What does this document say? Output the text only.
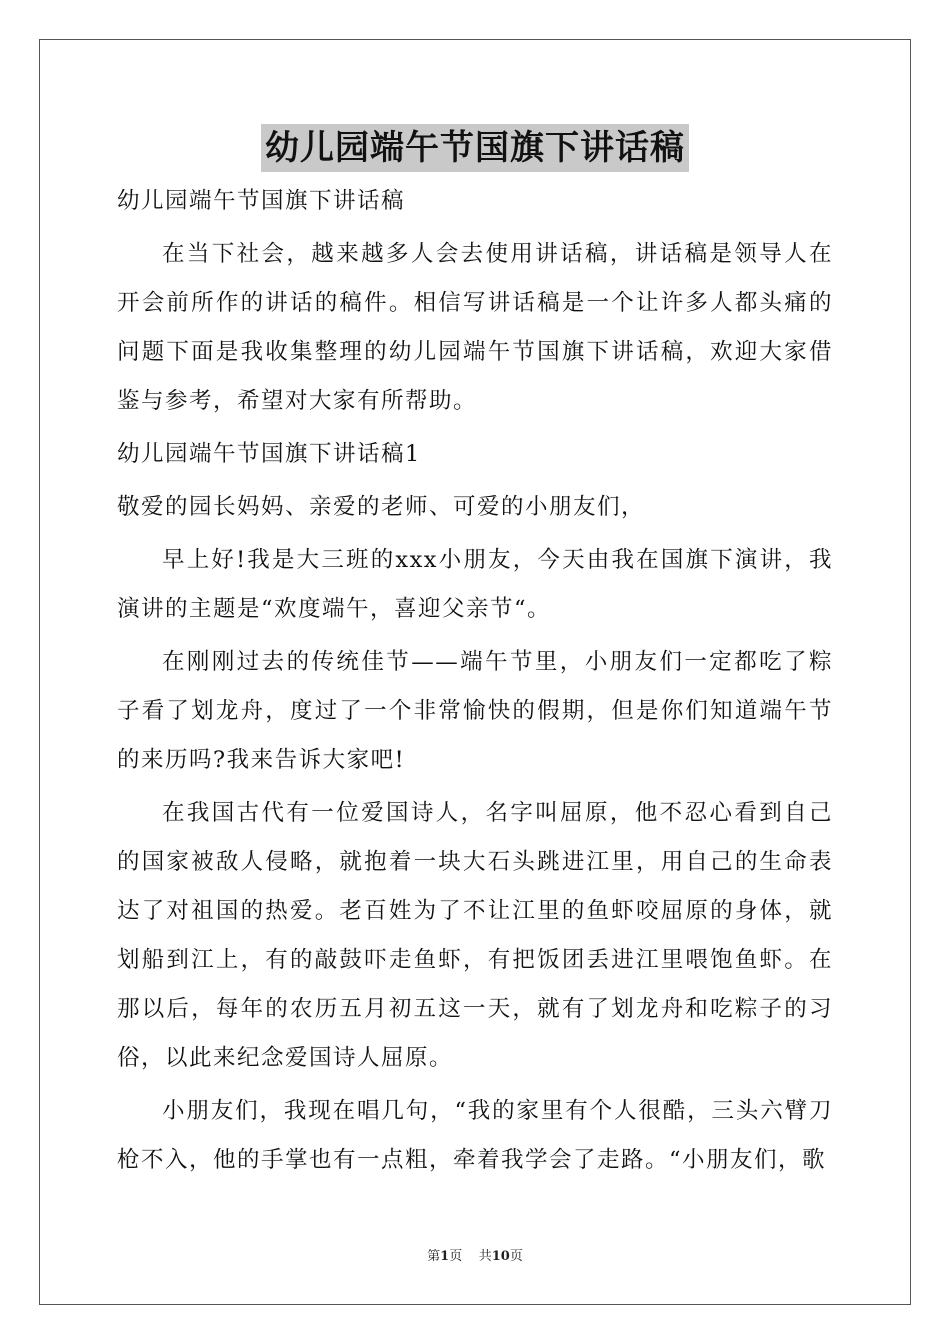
幼儿园端午节国旗下讲话稿

幼儿园端午节国旗下讲话稿

在当下社会，越来越多人会去使用讲话稿，讲话稿是领导人在开会前所作的讲话的稿件。相信写讲话稿是一个让许多人都头痛的问题下面是我收集整理的幼儿园端午节国旗下讲话稿，欢迎大家借鉴与参考，希望对大家有所帮助。

幼儿园端午节国旗下讲话稿1

敬爱的园长妈妈、亲爱的老师、可爱的小朋友们，

早上好!我是大三班的xxx小朋友，今天由我在国旗下演讲，我演讲的主题是“欢度端午，喜迎父亲节“。

在刚刚过去的传统佳节——端午节里，小朋友们一定都吃了粽子看了划龙舟，度过了一个非常愉快的假期，但是你们知道端午节的来历吗?我来告诉大家吧!

在我国古代有一位爱国诗人，名字叫屈原，他不忍心看到自己的国家被敌人侵略，就抱着一块大石头跳进江里，用自己的生命表达了对祖国的热爱。老百姓为了不让江里的鱼虾咬屈原的身体，就划船到江上，有的敲鼓吓走鱼虾，有把饭团丢进江里喂饱鱼虾。在那以后，每年的农历五月初五这一天，就有了划龙舟和吃粽子的习俗，以此来纪念爱国诗人屈原。

小朋友们，我现在唱几句，“我的家里有个人很酷，三头六臂刀枪不入，他的手掌也有一点粗，牵着我学会了走路。“小朋友们，歌

第1页 共10页
